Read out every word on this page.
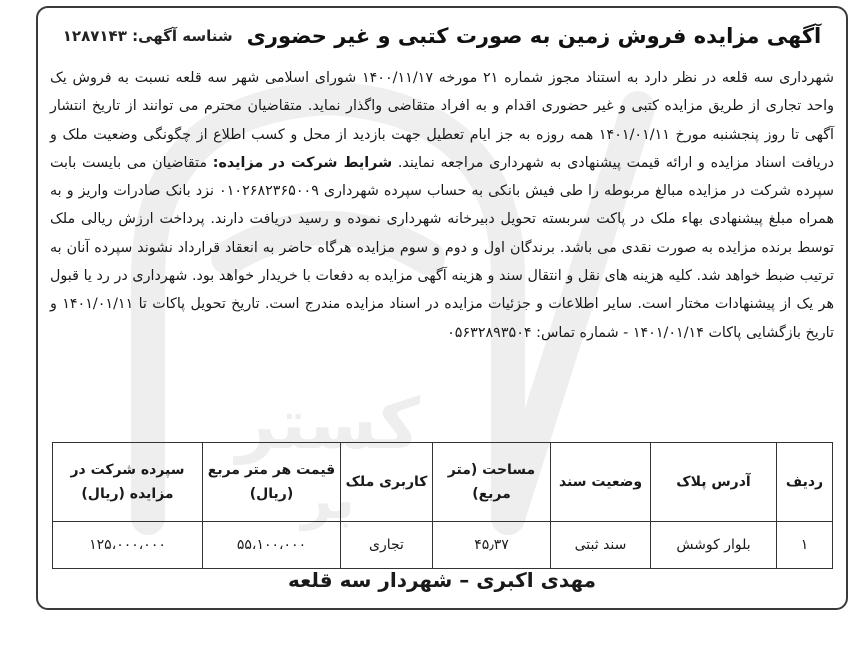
کستر
بر
آگهی مزایده فروش زمین به صورت کتبی و غیر حضوری
شناسه آگهی: ۱۲۸۷۱۴۳

شهرداری سه قلعه در نظر دارد به استناد مجوز شماره ۲۱ مورخه ۱۴۰۰/۱۱/۱۷ شورای اسلامی شهر سه قلعه نسبت به فروش یک واحد تجاری از طریق مزایده کتبی و غیر حضوری اقدام و به افراد متقاضی واگذار نماید. متقاضیان محترم می توانند از تاریخ انتشار آگهی تا روز پنجشنبه مورخ ۱۴۰۱/۰۱/۱۱ همه روزه به جز ایام تعطیل جهت بازدید از محل و کسب اطلاع از چگونگی وضعیت ملک و دریافت اسناد مزایده و ارائه قیمت پیشنهادی به شهرداری مراجعه نمایند. شرایط شرکت در مزایده: متقاضیان می بایست بابت سپرده شرکت در مزایده مبالغ مربوطه را طی فیش بانکی به حساب سپرده شهرداری ۰۱۰۲۶۸۲۳۶۵۰۰۹ نزد بانک صادرات واریز و به همراه مبلغ پیشنهادی بهاء ملک در پاکت سربسته تحویل دبیرخانه شهرداری نموده و رسید دریافت دارند. پرداخت ارزش ریالی ملک توسط برنده مزایده به صورت نقدی می باشد. برندگان اول و دوم و سوم مزایده هرگاه حاضر به انعقاد قرارداد نشوند سپرده آنان به ترتیب ضبط خواهد شد. کلیه هزینه های نقل و انتقال سند و هزینه آگهی مزایده به دفعات با خریدار خواهد بود. شهرداری در رد یا قبول هر یک از پیشنهادات مختار است. سایر اطلاعات و جزئیات مزایده در اسناد مزایده مندرج است. تاریخ تحویل پاکات تا ۱۴۰۱/۰۱/۱۱ و تاریخ بازگشایی پاکات ۱۴۰۱/۰۱/۱۴ - شماره تماس: ۰۵۶۳۲۸۹۳۵۰۴

ردیف	آدرس پلاک	وضعیت سند	مساحت (متر مربع)	کاربری ملک	قیمت هر متر مربع (ریال)	سپرده شرکت در مزایده (ریال)
۱	بلوار کوشش	سند ثبتی	۴۵٫۳۷	تجاری	۵۵،۱۰۰،۰۰۰	۱۲۵،۰۰۰،۰۰۰
مهدی اکبری – شهردار سه قلعه
